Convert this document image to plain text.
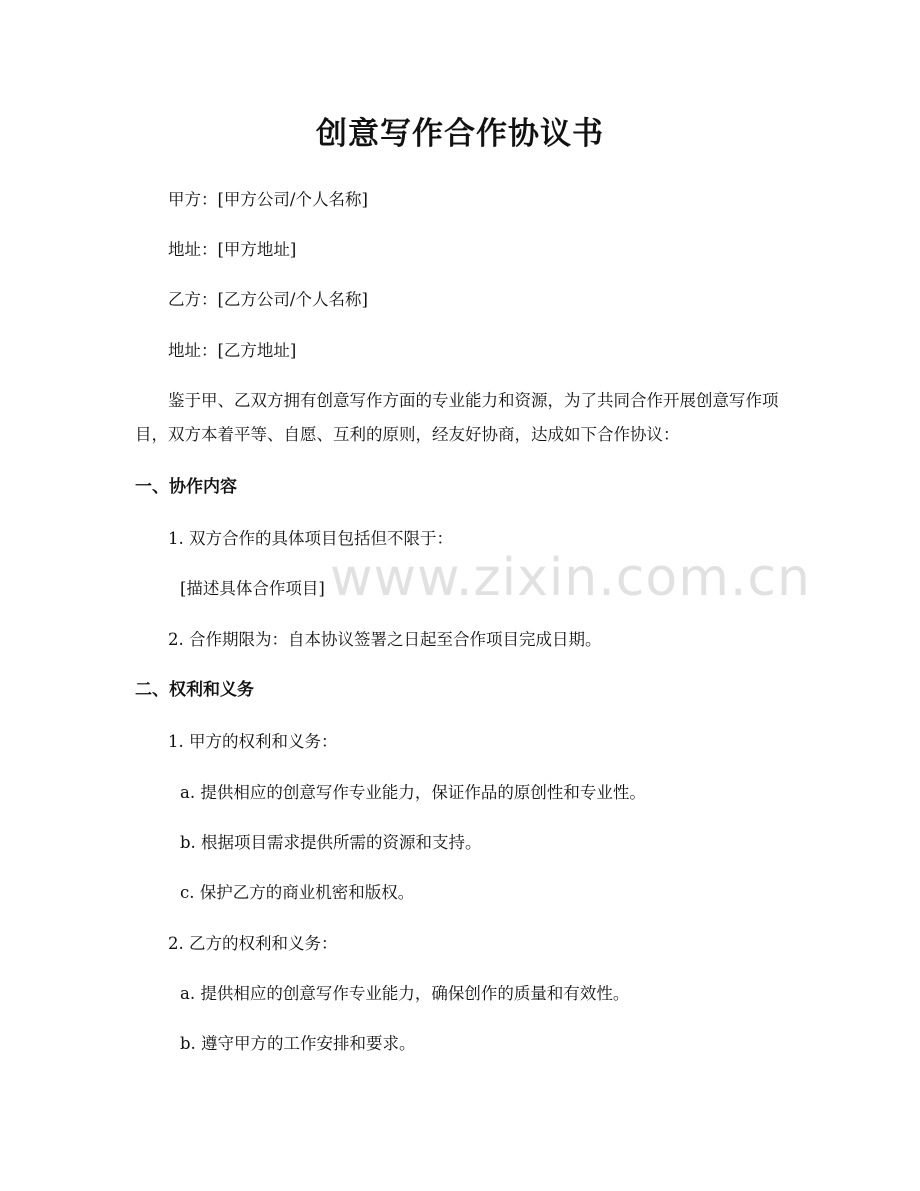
创意写作合作协议书
甲方：[甲方公司/个人名称]
地址：[甲方地址]
乙方：[乙方公司/个人名称]
地址：[乙方地址]
鉴于甲、乙双方拥有创意写作方面的专业能力和资源，为了共同合作开展创意写作项目，双方本着平等、自愿、互利的原则，经友好协商，达成如下合作协议：
一、协作内容
1. 双方合作的具体项目包括但不限于：
[描述具体合作项目]
2. 合作期限为：自本协议签署之日起至合作项目完成日期。
二、权利和义务
1. 甲方的权利和义务：
a. 提供相应的创意写作专业能力，保证作品的原创性和专业性。
b. 根据项目需求提供所需的资源和支持。
c. 保护乙方的商业机密和版权。
2. 乙方的权利和义务：
a. 提供相应的创意写作专业能力，确保创作的质量和有效性。
b. 遵守甲方的工作安排和要求。
www.zixin.com.cn
